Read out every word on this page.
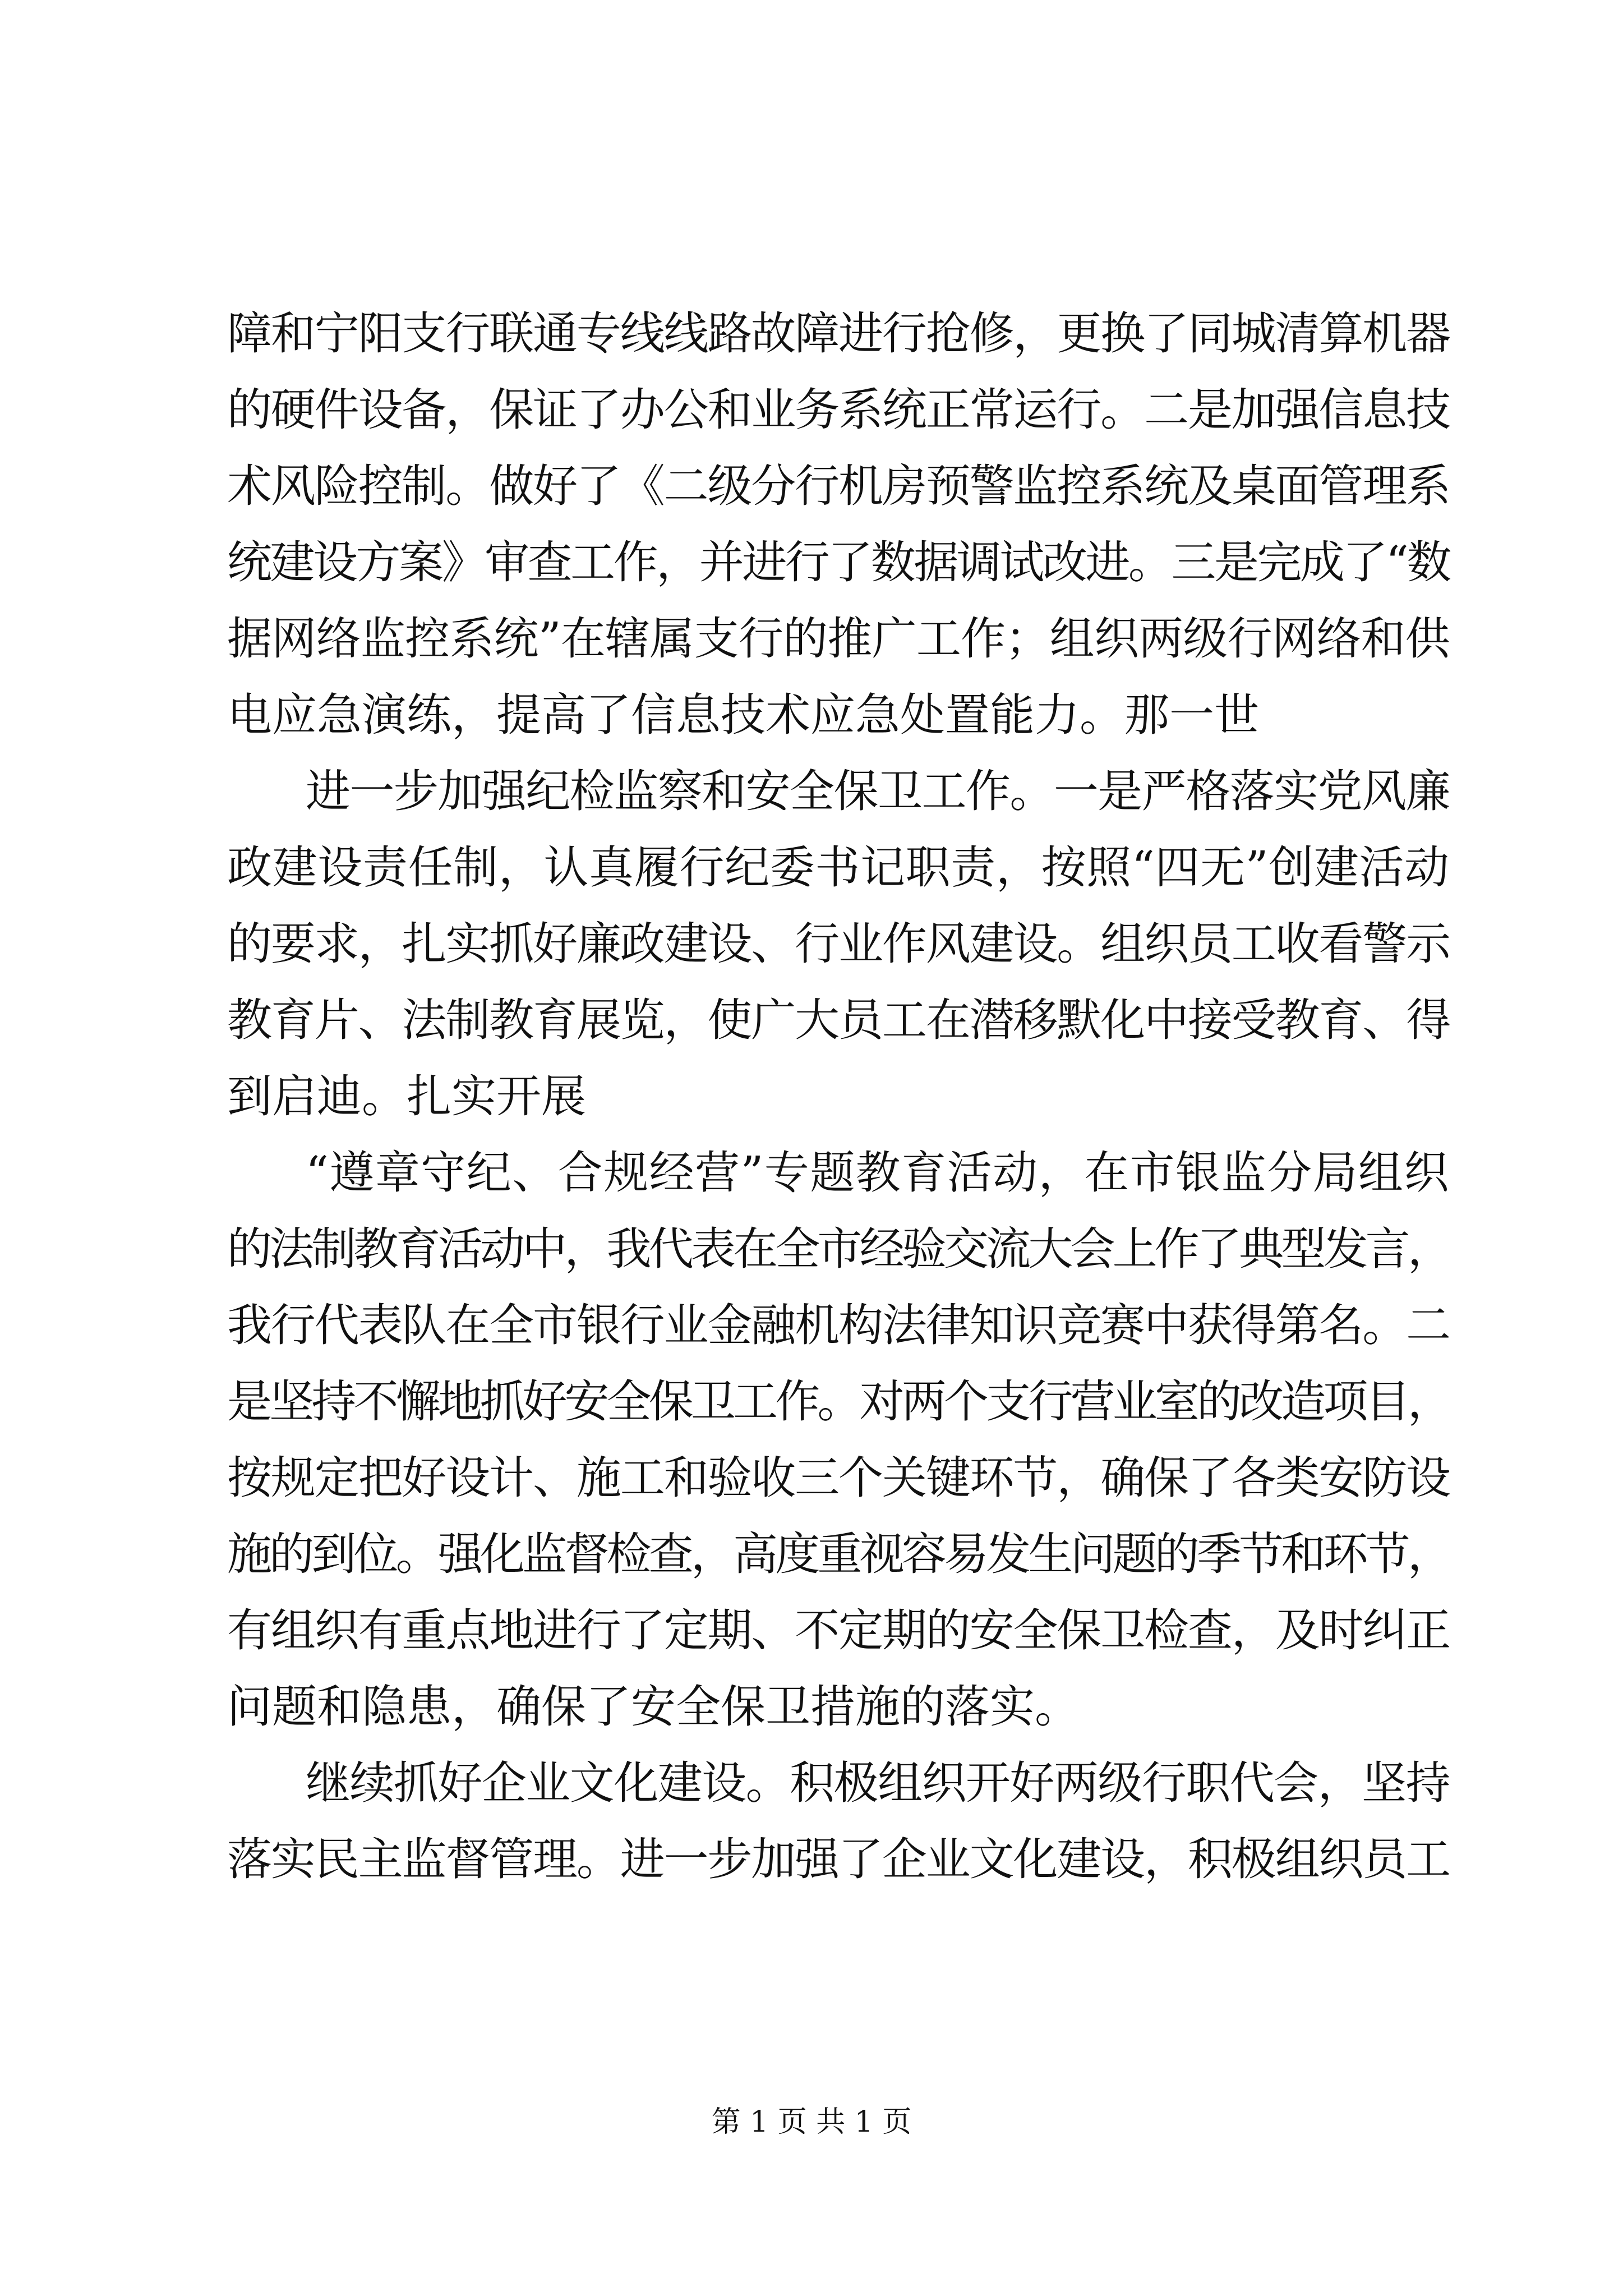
障和宁阳支行联通专线线路故障进行抢修，更换了同城清算机器
的硬件设备，保证了办公和业务系统正常运行。二是加强信息技
术风险控制。做好了《二级分行机房预警监控系统及桌面管理系
统建设方案》审查工作，并进行了数据调试改进。三是完成了“数
据网络监控系统”在辖属支行的推广工作；组织两级行网络和供
电应急演练，提高了信息技术应急处置能力。那一世
进一步加强纪检监察和安全保卫工作。一是严格落实党风廉
政建设责任制，认真履行纪委书记职责，按照“四无”创建活动
的要求，扎实抓好廉政建设、行业作风建设。组织员工收看警示
教育片、法制教育展览，使广大员工在潜移默化中接受教育、得
到启迪。扎实开展
“遵章守纪、合规经营”专题教育活动，在市银监分局组织
的法制教育活动中，我代表在全市经验交流大会上作了典型发言，
我行代表队在全市银行业金融机构法律知识竞赛中获得第名。二
是坚持不懈地抓好安全保卫工作。对两个支行营业室的改造项目，
按规定把好设计、施工和验收三个关键环节，确保了各类安防设
施的到位。强化监督检查，高度重视容易发生问题的季节和环节，
有组织有重点地进行了定期、不定期的安全保卫检查，及时纠正
问题和隐患，确保了安全保卫措施的落实。
继续抓好企业文化建设。积极组织开好两级行职代会，坚持
落实民主监督管理。进一步加强了企业文化建设，积极组织员工
第 1 页 共 1 页
